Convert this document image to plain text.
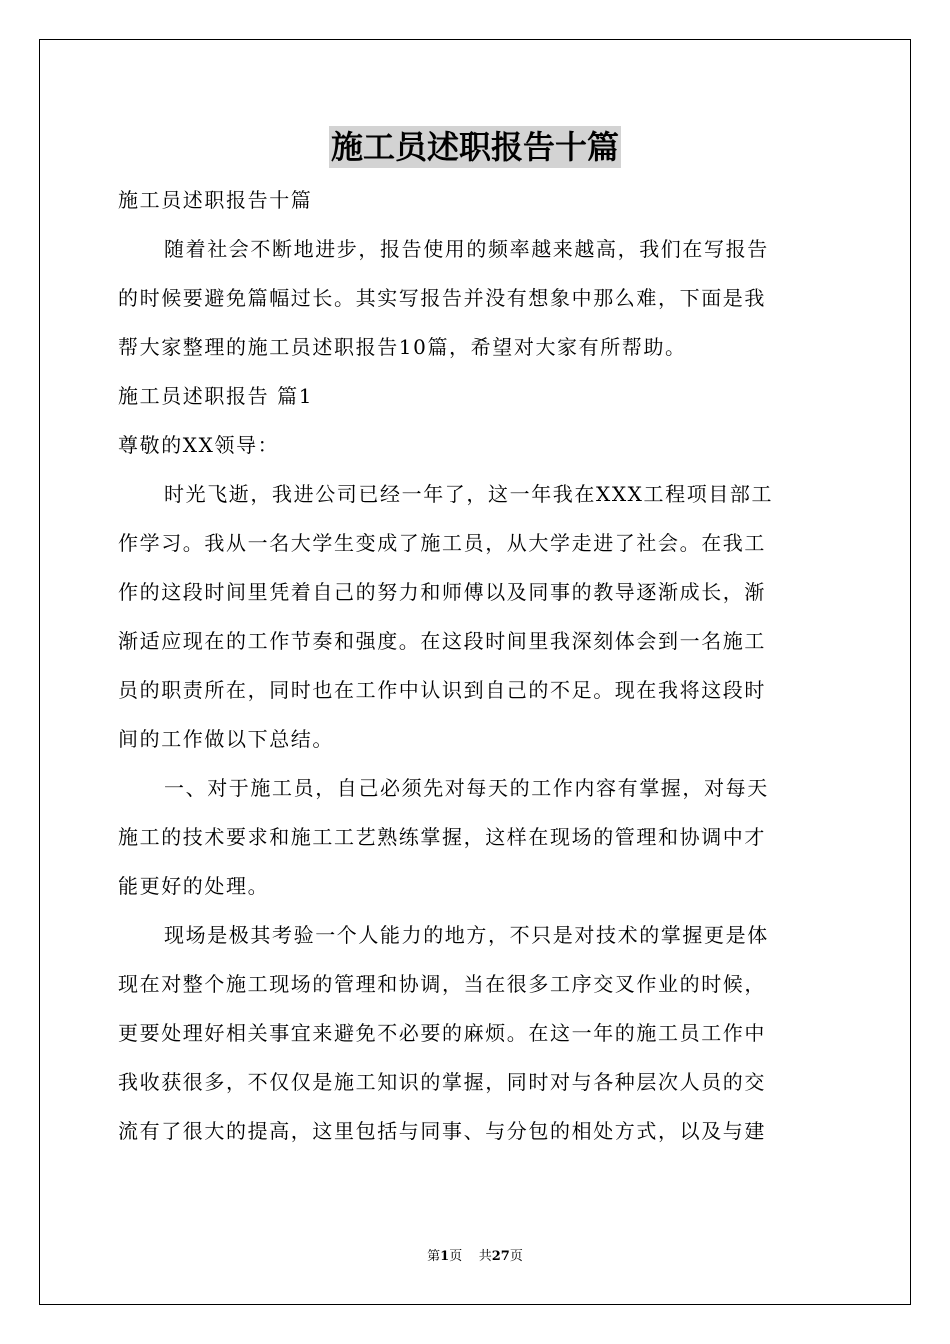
施工员述职报告十篇
施工员述职报告十篇
随着社会不断地进步，报告使用的频率越来越高，我们在写报告
的时候要避免篇幅过长。其实写报告并没有想象中那么难，下面是我
帮大家整理的施工员述职报告10篇，希望对大家有所帮助。
施工员述职报告 篇1
尊敬的XX领导：
时光飞逝，我进公司已经一年了，这一年我在XXX工程项目部工
作学习。我从一名大学生变成了施工员，从大学走进了社会。在我工
作的这段时间里凭着自己的努力和师傅以及同事的教导逐渐成长，渐
渐适应现在的工作节奏和强度。在这段时间里我深刻体会到一名施工
员的职责所在，同时也在工作中认识到自己的不足。现在我将这段时
间的工作做以下总结。
一、对于施工员，自己必须先对每天的工作内容有掌握，对每天
施工的技术要求和施工工艺熟练掌握，这样在现场的管理和协调中才
能更好的处理。
现场是极其考验一个人能力的地方，不只是对技术的掌握更是体
现在对整个施工现场的管理和协调，当在很多工序交叉作业的时候，
更要处理好相关事宜来避免不必要的麻烦。在这一年的施工员工作中
我收获很多，不仅仅是施工知识的掌握，同时对与各种层次人员的交
流有了很大的提高，这里包括与同事、与分包的相处方式，以及与建
第1页    共27页
